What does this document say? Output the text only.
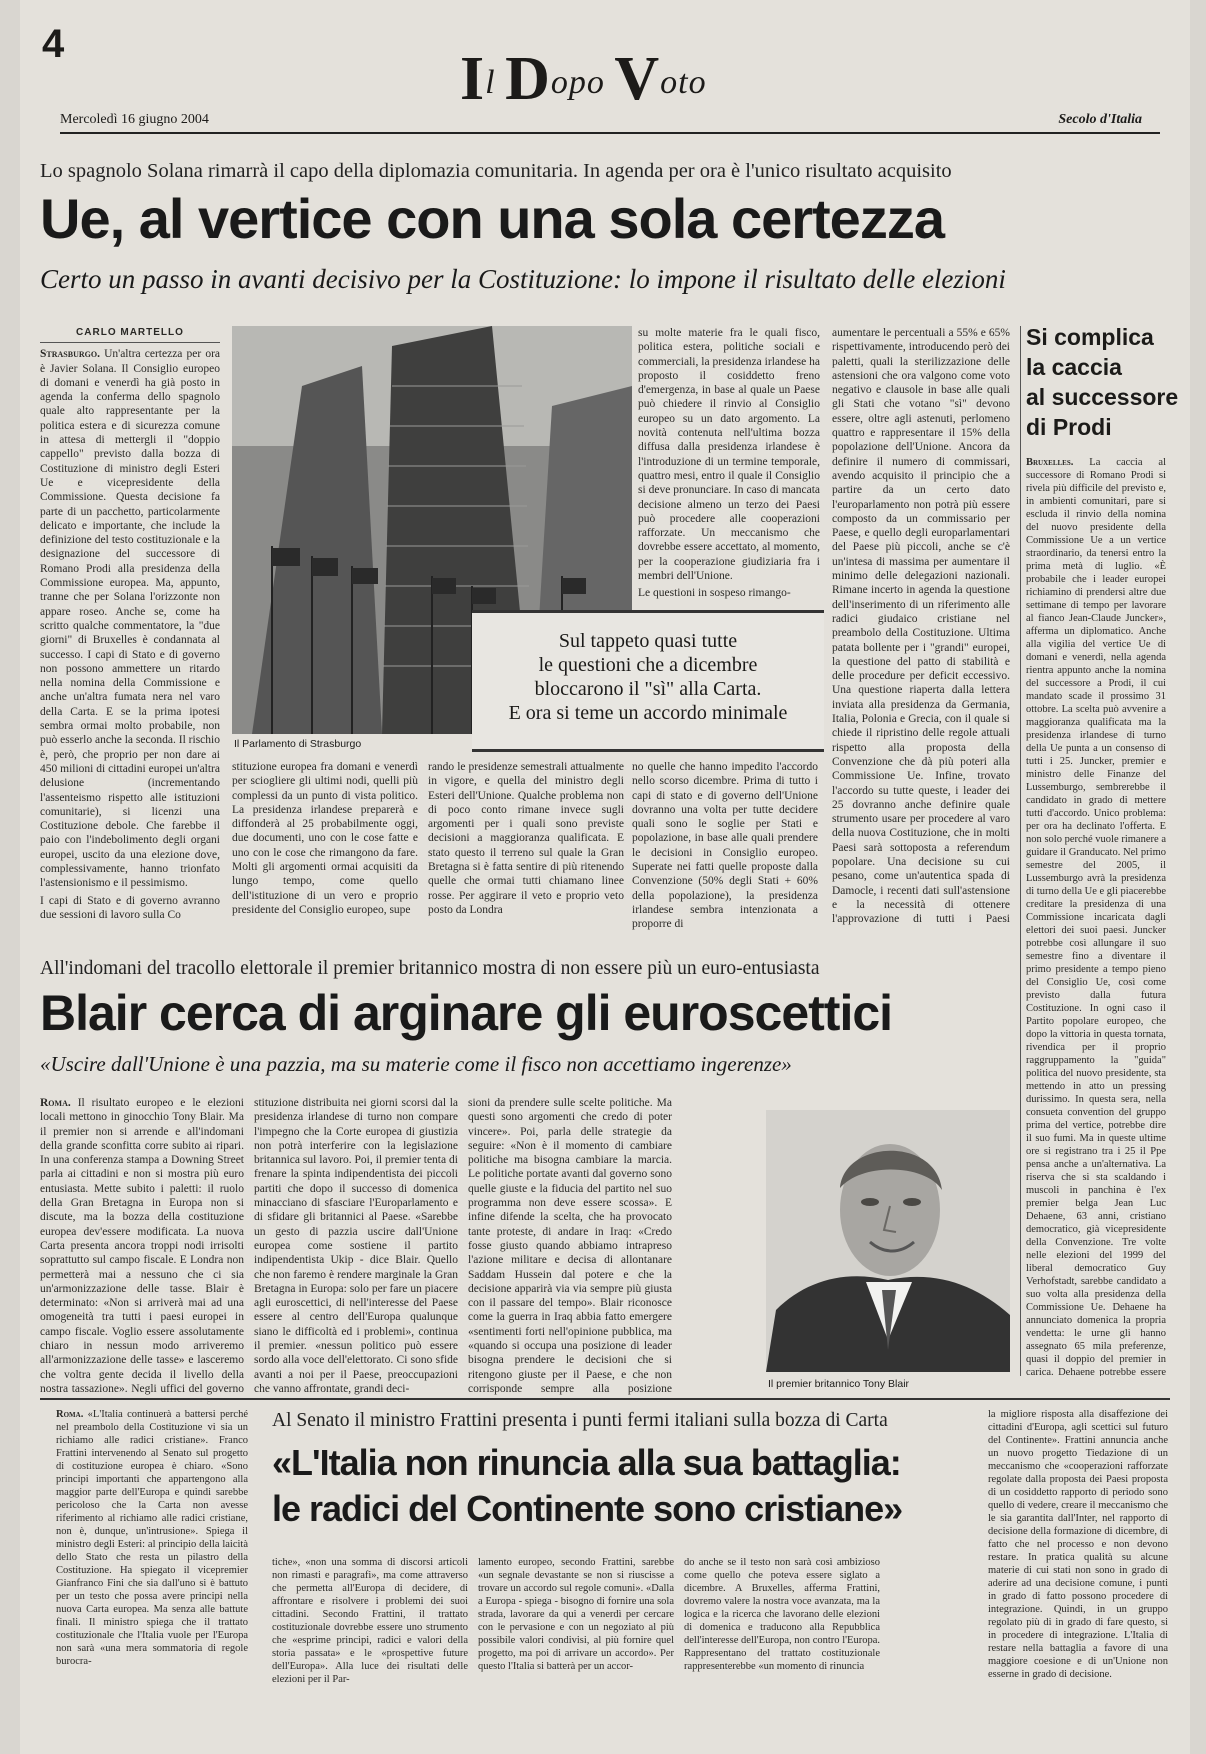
4
Il Dopo Voto
Mercoledì 16 giugno 2004	Secolo d'Italia
Lo spagnolo Solana rimarrà il capo della diplomazia comunitaria. In agenda per ora è l'unico risultato acquisito
Ue, al vertice con una sola certezza
Certo un passo in avanti decisivo per la Costituzione: lo impone il risultato delle elezioni
CARLO MARTELLO

Strasburgo. Un'altra certezza per ora è Javier Solana. Il Consiglio europeo di domani e venerdì ha già posto in agenda la conferma dello spagnolo quale alto rappresentante per la politica estera e di sicurezza comune in attesa di mettergli il "doppio cappello" previsto dalla bozza di Costituzione di ministro degli Esteri Ue e vicepresidente della Commissione. Questa decisione fa parte di un pacchetto, particolarmente delicato e importante, che include la definizione del testo costituzionale e la designazione del successore di Romano Prodi alla presidenza della Commissione europea. Ma, appunto, tranne che per Solana l'orizzonte non appare roseo. Anche se, come ha scritto qualche commentatore, la "due giorni" di Bruxelles è condannata al successo. I capi di Stato e di governo non possono ammettere un ritardo nella nomina della Commissione e anche un'altra fumata nera nel varo della Carta. E se la prima ipotesi sembra ormai molto probabile, non può esserlo anche la seconda. Il rischio è, però, che proprio per non dare ai 450 milioni di cittadini europei un'altra delusione (incrementando l'assenteismo rispetto alle istituzioni comunitarie), si licenzi una Costituzione debole. Che farebbe il paio con l'indebolimento degli organi europei, uscito da una elezione dove, complessivamente, hanno trionfato l'astensionismo e il pessimismo.

I capi di Stato e di governo avranno due sessioni di lavoro sulla Co

Il Parlamento di Strasburgo

su molte materie fra le quali fisco, politica estera, politiche sociali e commerciali, la presidenza irlandese ha proposto il cosiddetto freno d'emergenza, in base al quale un Paese può chiedere il rinvio al Consiglio europeo su un dato argomento. La novità contenuta nell'ultima bozza diffusa dalla presidenza irlandese è l'introduzione di un termine temporale, quattro mesi, entro il quale il Consiglio si deve pronunciare. In caso di mancata decisione almeno un terzo dei Paesi può procedere alle cooperazioni rafforzate. Un meccanismo che dovrebbe essere accettato, al momento, per la cooperazione giudiziaria fra i membri dell'Unione.

Le questioni in sospeso rimango-

aumentare le percentuali a 55% e 65% rispettivamente, introducendo però dei paletti, quali la sterilizzazione delle astensioni che ora valgono come voto negativo e clausole in base alle quali gli Stati che votano "sì" devono essere, oltre agli astenuti, perlomeno quattro e rappresentare il 15% della popolazione dell'Unione. Ancora da definire il numero di commissari, avendo acquisito il principio che a partire da un certo dato l'europarlamento non potrà più essere composto da un commissario per Paese, e quello degli europarlamentari del Paese più piccoli, anche se c'è un'intesa di massima per aumentare il minimo delle delegazioni nazionali. Rimane incerto in agenda la questione dell'inserimento di un riferimento alle radici giudaico cristiane nel preambolo della Costituzione. Ultima patata bollente per i "grandi" europei, la questione del patto di stabilità e delle procedure per deficit eccessivo. Una questione riaperta dalla lettera inviata alla presidenza da Germania, Italia, Polonia e Grecia, con il quale si chiede il ripristino delle regole attuali rispetto alla proposta della Convenzione che dà più poteri alla Commissione Ue. Infine, trovato l'accordo su tutte queste, i leader dei 25 dovranno anche definire quale strumento usare per procedere al varo della nuova Costituzione, che in molti Paesi sarà sottoposta a referendum popolare. Una decisione su cui pesano, come un'autentica spada di Damocle, i recenti dati sull'astensione e la necessità di ottenere l'approvazione di tutti i Paesi

Sul tappeto quasi tutte
le questioni che a dicembre
bloccarono il "sì" alla Carta.
E ora si teme un accordo minimale

stituzione europea fra domani e venerdì per sciogliere gli ultimi nodi, quelli più complessi da un punto di vista politico. La presidenza irlandese preparerà e diffonderà al 25 probabilmente oggi, due documenti, uno con le cose fatte e uno con le cose che rimangono da fare. Molti gli argomenti ormai acquisiti da lungo tempo, come quello dell'istituzione di un vero e proprio presidente del Consiglio europeo, supe

rando le presidenze semestrali attualmente in vigore, e quella del ministro degli Esteri dell'Unione. Qualche problema non di poco conto rimane invece sugli argomenti per i quali sono previste decisioni a maggioranza qualificata. E stato questo il terreno sul quale la Gran Bretagna si è fatta sentire di più ritenendo quelle che ormai tutti chiamano linee rosse. Per aggirare il veto e proprio veto posto da Londra

no quelle che hanno impedito l'accordo nello scorso dicembre. Prima di tutto i capi di stato e di governo dell'Unione dovranno una volta per tutte decidere quali sono le soglie per Stati e popolazione, in base alle quali prendere le decisioni in Consiglio europeo. Superate nei fatti quelle proposte dalla Convenzione (50% degli Stati + 60% della popolazione), la presidenza irlandese sembra intenzionata a proporre di

Si complica
la caccia
al successore
di Prodi

Bruxelles. La caccia al successore di Romano Prodi si rivela più difficile del previsto e, in ambienti comunitari, pare si escluda il rinvio della nomina del nuovo presidente della Commissione Ue a un vertice straordinario, da tenersi entro la prima metà di luglio. «È probabile che i leader europei richiamino di prendersi altre due settimane di tempo per lavorare al fianco Jean-Claude Juncker», afferma un diplomatico. Anche alla vigilia del vertice Ue di domani e venerdì, nella agenda rientra appunto anche la nomina del successore a Prodi, il cui mandato scade il prossimo 31 ottobre. La scelta può avvenire a maggioranza qualificata ma la presidenza irlandese di turno della Ue punta a un consenso di tutti i 25. Juncker, premier e ministro delle Finanze del Lussemburgo, sembrerebbe il candidato in grado di mettere tutti d'accordo. Unico problema: per ora ha declinato l'offerta. E non solo perché vuole rimanere a guidare il Granducato. Nel primo semestre del 2005, il Lussemburgo avrà la presidenza di turno della Ue e gli piacerebbe creditare la presidenza di una Commissione incaricata dagli elettori dei suoi paesi. Juncker potrebbe così allungare il suo semestre fino a diventare il primo presidente a tempo pieno del Consiglio Ue, così come previsto dalla futura Costituzione. In ogni caso il Partito popolare europeo, che dopo la vittoria in questa tornata, rivendica per il proprio raggruppamento la "guida" politica del nuovo presidente, sta mettendo in atto un pressing durissimo. In questa sera, nella consueta convention del gruppo prima del vertice, potrebbe dire il suo fumi. Ma in queste ultime ore si registrano tra i 25 il Ppe pensa anche a un'alternativa. La riserva che si sta scaldando i muscoli in panchina è l'ex premier belga Jean Luc Dehaene, 63 anni, cristiano democratico, già vicepresidente della Convenzione. Tre volte nelle elezioni del 1999 del liberal democratico Guy Verhofstadt, sarebbe candidato a suo volta alla presidenza della Commissione Ue. Dehaene ha annunciato domenica la propria vendetta: le urne gli hanno assegnato 65 mila preferenze, quasi il doppio del premier in carica. Dehaene potrebbe essere

All'indomani del tracollo elettorale il premier britannico mostra di non essere più un euro-entusiasta
Blair cerca di arginare gli euroscettici
«Uscire dall'Unione è una pazzia, ma su materie come il fisco non accettiamo ingerenze»

Roma. Il risultato europeo e le elezioni locali mettono in ginocchio Tony Blair. Ma il premier non si arrende e all'indomani della grande sconfitta corre subito ai ripari. In una conferenza stampa a Downing Street parla ai cittadini e non si mostra più euro entusiasta. Mette subito i paletti: il ruolo della Gran Bretagna in Europa non si discute, ma la bozza della costituzione europea dev'essere modificata. La nuova Carta presenta ancora troppi nodi irrisolti soprattutto sul campo fiscale. E Londra non permetterà mai a nessuno che ci sia un'armonizzazione delle tasse. Blair è determinato: «Non si arriverà mai ad una omogeneità tra tutti i paesi europei in campo fiscale. Voglio essere assolutamente chiaro in nessun modo arriveremo all'armonizzazione delle tasse» e lasceremo che voltra gente decida il livello della nostra tassazione». Negli uffici del governo

stituzione distribuita nei giorni scorsi dal la presidenza irlandese di turno non compare l'impegno che la Corte europea di giustizia non potrà interferire con la legislazione britannica sul lavoro. Poi, il premier tenta di frenare la spinta indipendentista dei piccoli partiti che dopo il successo di domenica minacciano di sfasciare l'Europarlamento e di sfidare gli britannici al Paese. «Sarebbe un gesto di pazzia uscire dall'Unione europea come sostiene il partito indipendentista Ukip - dice Blair. Quello che non faremo è rendere marginale la Gran Bretagna in Europa: solo per fare un piacere agli euroscettici, di nell'interesse del Paese essere al centro dell'Europa qualunque siano le difficoltà ed i problemi», continua il premier. «nessun politico può essere sordo alla voce dell'elettorato. Ci sono sfide avanti a noi per il Paese, preoccupazioni che vanno affrontate, grandi deci-

sioni da prendere sulle scelte politiche. Ma questi sono argomenti che credo di poter vincere». Poi, parla delle strategie da seguire: «Non è il momento di cambiare politiche ma bisogna cambiare la marcia. Le politiche portate avanti dal governo sono quelle giuste e la fiducia del partito nel suo programma non deve essere scossa». E infine difende la scelta, che ha provocato tante proteste, di andare in Iraq: «Credo fosse giusto quando abbiamo intrapreso l'azione militare e decisa di allontanare Saddam Hussein dal potere e che la decisione apparirà via via sempre più giusta con il passare del tempo». Blair riconosce come la guerra in Iraq abbia fatto emergere «sentimenti forti nell'opinione pubblica, ma «quando si occupa una posizione di leader bisogna prendere le decisioni che si ritengono giuste per il Paese, e che non corrisponde sempre alla posizione	Il premier britannico Tony Blair

Roma. «L'Italia continuerà a battersi perché nel preambolo della Costituzione vi sia un richiamo alle radici cristiane». Franco Frattini intervenendo al Senato sul progetto di costituzione europea è chiaro. «Sono principi importanti che appartengono alla maggior parte dell'Europa e quindi sarebbe pericoloso che la Carta non avesse riferimento al richiamo alle radici cristiane, non è, dunque, un'intrusione». Spiega il ministro degli Esteri: al principio della laicità dello Stato che resta un pilastro della Costituzione. Ha spiegato il vicepremier Gianfranco Fini che sia dall'uno si è battuto per un testo che possa avere principi nella nuova Carta europea. Ma senza alle battute finali. Il ministro spiega che il trattato costituzionale che l'Italia vuole per l'Europa non sarà «una mera sommatoria di regole burocra-

Al Senato il ministro Frattini presenta i punti fermi italiani sulla bozza di Carta
«L'Italia non rinuncia alla sua battaglia:
le radici del Continente sono cristiane»

tiche», «non una somma di discorsi articoli non rimasti e paragrafi», ma come attraverso che permetta all'Europa di decidere, di affrontare e risolvere i problemi dei suoi cittadini. Secondo Frattini, il trattato costituzionale dovrebbe essere uno strumento che «esprime principi, radici e valori della storia passata» e le «prospettive future dell'Europa». Alla luce dei risultati delle elezioni per il Par-

lamento europeo, secondo Frattini, sarebbe «un segnale devastante se non si riuscisse a trovare un accordo sul regole comuni». «Dalla a Europa - spiega - bisogno di fornire una sola strada, lavorare da qui a venerdì per cercare con le pervasione e con un negoziato al più possibile valori condivisi, al più fornire quel progetto, ma poi di arrivare un accordo». Per questo l'Italia si batterà per un accor-

do anche se il testo non sarà così ambizioso come quello che poteva essere siglato a dicembre. A Bruxelles, afferma Frattini, dovremo valere la nostra voce avanzata, ma la logica e la ricerca che lavorano delle elezioni di domenica e traducono alla Repubblica dell'interesse dell'Europa, non contro l'Europa. Rappresentano del trattato costituzionale rappresenterebbe «un momento di rinuncia

la migliore risposta alla disaffezione dei cittadini d'Europa, agli scettici sul futuro del Continente». Frattini annuncia anche un nuovo progetto Tiedazione di un meccanismo che «cooperazioni rafforzate regolate dalla proposta dei Paesi proposta di un cosiddetto rapporto di periodo sono quello di vedere, creare il meccanismo che le sia garantita dall'Inter, nel rapporto di decisione della formazione di dicembre, di fatto che nel processo e non devono restare. In pratica qualità su alcune materie di cui stati non sono in grado di aderire ad una decisione comune, i punti in grado di fatto possono procedere di integrazione. Quindi, in un gruppo regolato più di in grado di fare questo, si in procedere di integrazione. L'Italia di restare nella battaglia a favore di una maggiore coesione e di un'Unione non esserne in grado di decisione.
